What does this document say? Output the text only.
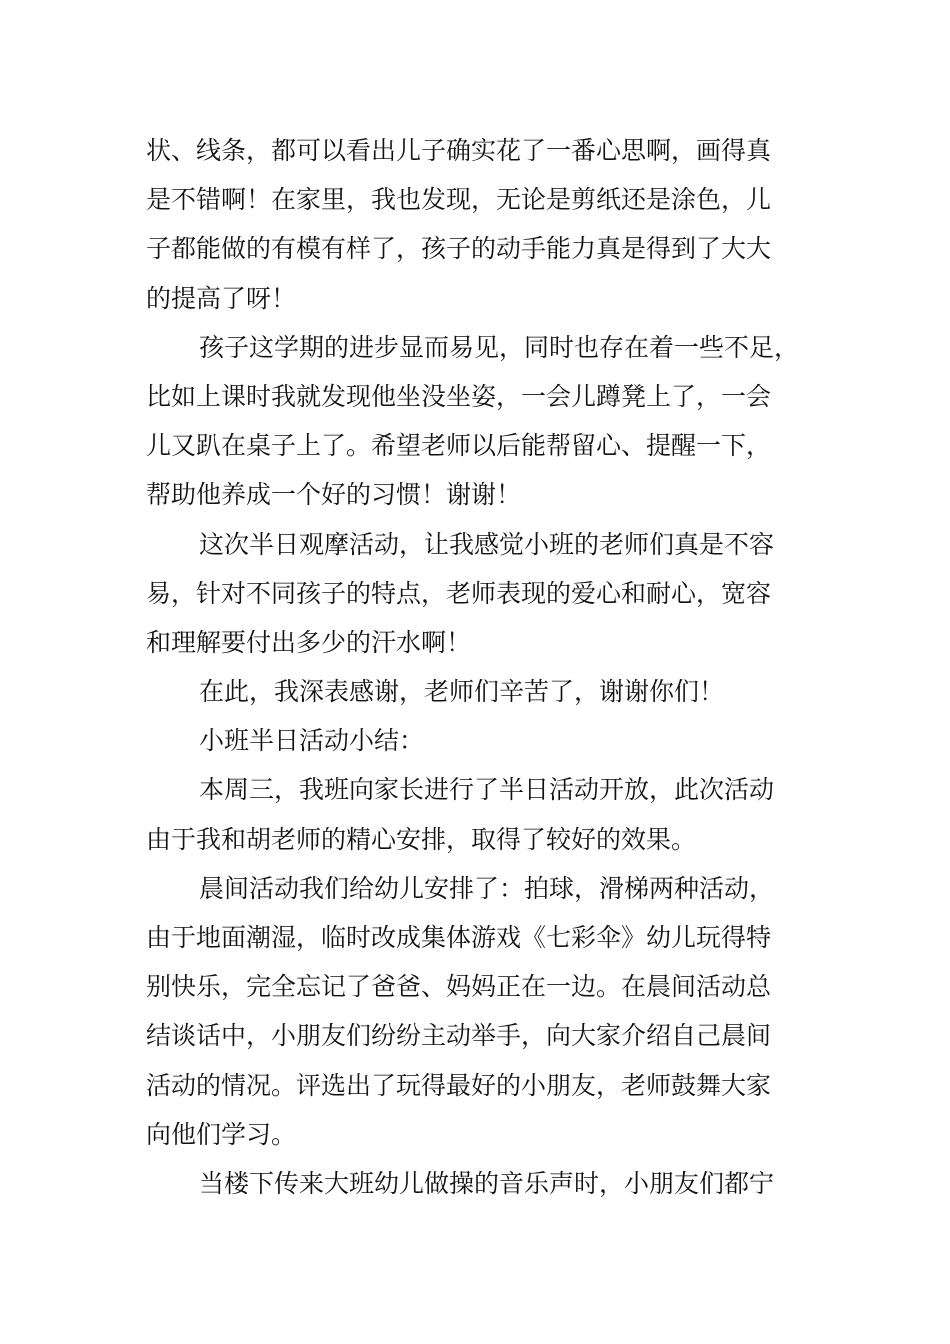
状、线条，都可以看出儿子确实花了一番心思啊，画得真
是不错啊！在家里，我也发现，无论是剪纸还是涂色，儿
子都能做的有模有样了，孩子的动手能力真是得到了大大
的提高了呀！
孩子这学期的进步显而易见，同时也存在着一些不足，
比如上课时我就发现他坐没坐姿，一会儿蹲凳上了，一会
儿又趴在桌子上了。希望老师以后能帮留心、提醒一下，
帮助他养成一个好的习惯！谢谢！
这次半日观摩活动，让我感觉小班的老师们真是不容
易，针对不同孩子的特点，老师表现的爱心和耐心，宽容
和理解要付出多少的汗水啊！
在此，我深表感谢，老师们辛苦了，谢谢你们！
小班半日活动小结：
本周三，我班向家长进行了半日活动开放，此次活动
由于我和胡老师的精心安排，取得了较好的效果。
晨间活动我们给幼儿安排了：拍球，滑梯两种活动，
由于地面潮湿，临时改成集体游戏《七彩伞》幼儿玩得特
别快乐，完全忘记了爸爸、妈妈正在一边。在晨间活动总
结谈话中，小朋友们纷纷主动举手，向大家介绍自己晨间
活动的情况。评选出了玩得最好的小朋友，老师鼓舞大家
向他们学习。
当楼下传来大班幼儿做操的音乐声时，小朋友们都宁
